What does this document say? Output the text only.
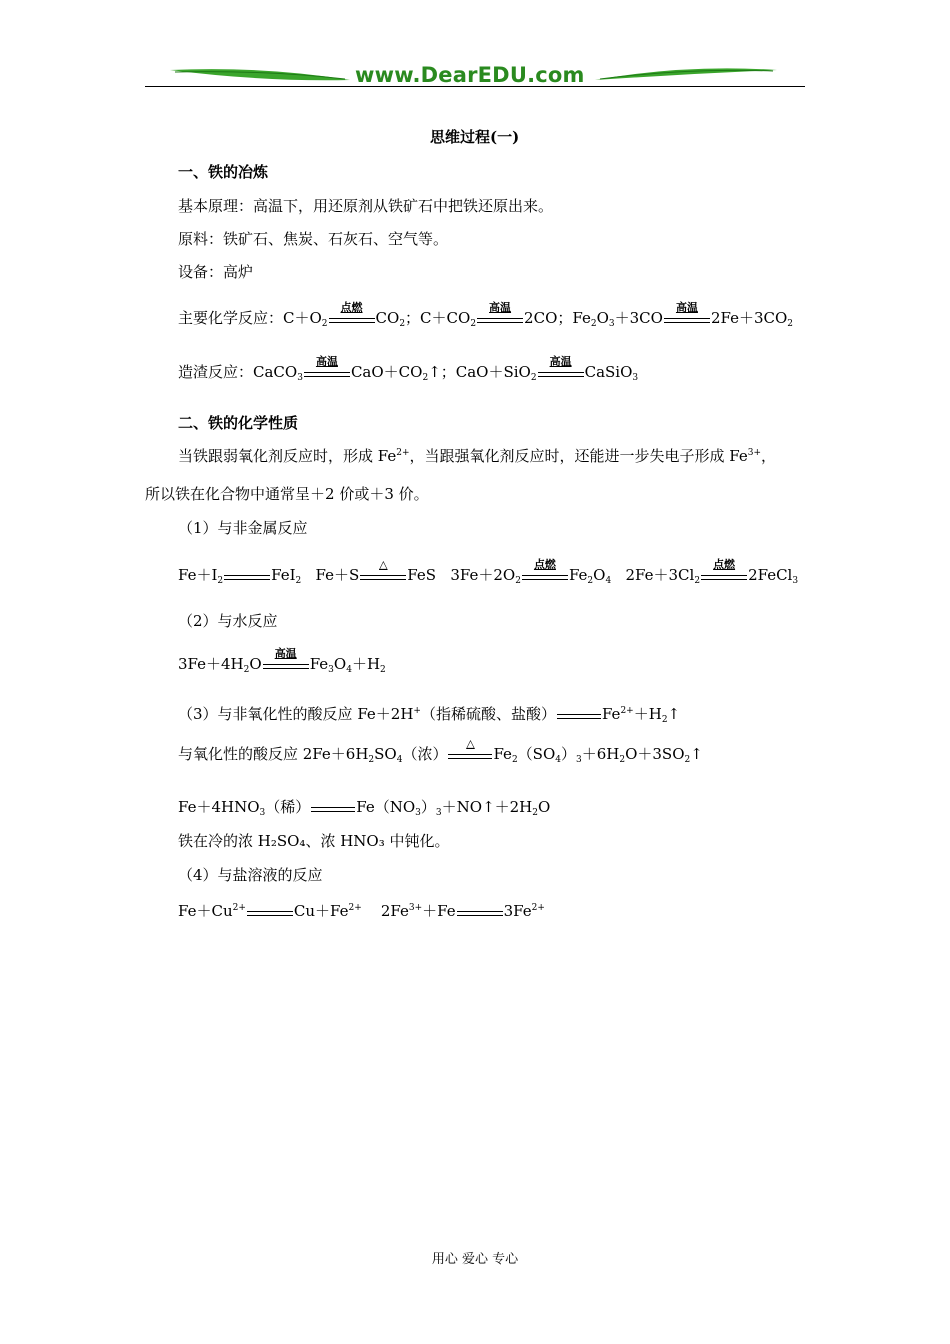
www.DearEDU.com
思维过程(一)
一、铁的冶炼
基本原理：高温下，用还原剂从铁矿石中把铁还原出来。
原料：铁矿石、焦炭、石灰石、空气等。
设备：高炉
主要化学反应：$C+O_2$
点燃
$CO_2$；$C+CO_2$
高温
2CO；$Fe_2O_3+3CO$
高温
$2Fe+3CO_2$
造渣反应：CaCO$_3$
高温
$CaO+CO_2↑$；CaO＋SiO$_2$
高温
CaSiO$_3$
二、铁的化学性质
当铁跟弱氧化剂反应时，形成 $Fe^{2+}$，当跟强氧化剂反应时，还能进一步失电子形成 $Fe^{3+}$，
所以铁在化合物中通常呈＋2 价或＋3 价。
（1）与非金属反应
$Fe+I_2$	FeI$_2$   Fe＋S
△
FeS   $3Fe+2O_2$
点燃
$Fe_2O_4$   $2Fe+3Cl_2$
点燃
2FeCl$_3$
（2）与水反应
$3Fe+4H_2O$
高温
$Fe_3O_4+H_2$
（3）与非氧化性的酸反应 Fe＋2H+（指稀硫酸、盐酸）	$Fe^{2+}+H_2↑$
与氧化性的酸反应 $2Fe+6H_2SO_4$（浓）
△
$Fe_2(SO_4)_3+6H_2O+3SO_2↑$
$Fe+4HNO_3$（稀）	$Fe(NO_3)_3+NO↑+2H_2O$
铁在冷的浓 H₂SO₄、浓 HNO₃ 中钝化。
（4）与盐溶液的反应
$Fe+Cu^{2+}$	$Cu+Fe^{2+}$    $2Fe^{3+}+Fe$	$3Fe^{2+}$
用心 爱心 专心
